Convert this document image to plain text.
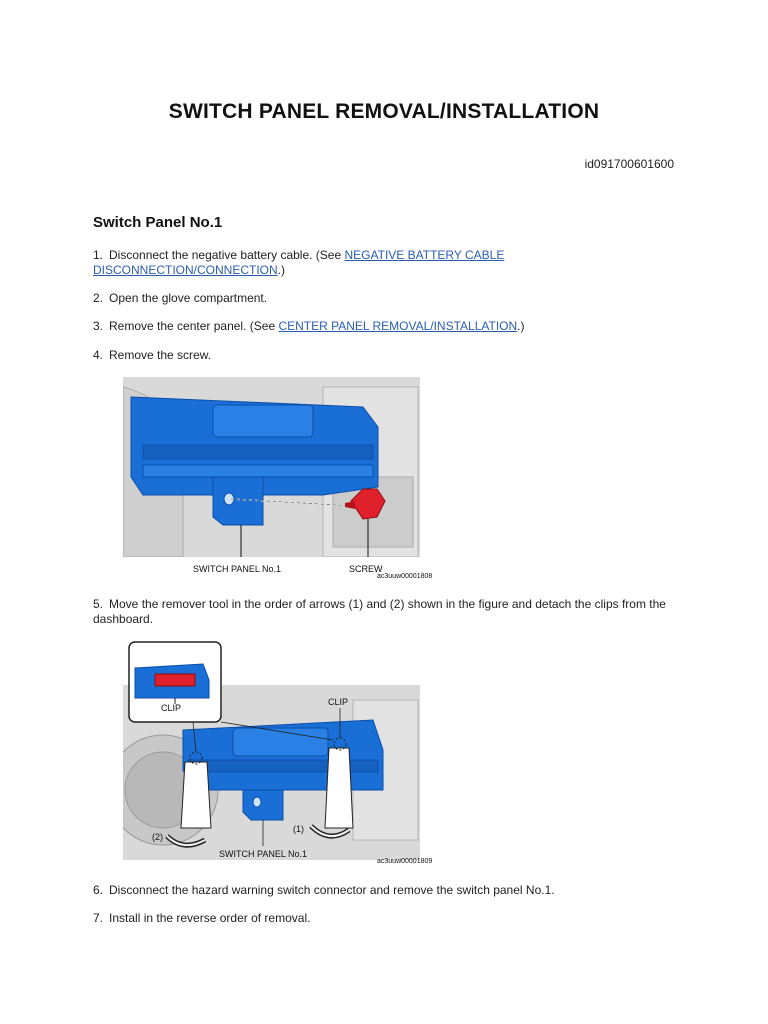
SWITCH PANEL REMOVAL/INSTALLATION
id091700601600
Switch Panel No.1
1. Disconnect the negative battery cable. (See NEGATIVE BATTERY CABLE DISCONNECTION/CONNECTION.)
2. Open the glove compartment.
3. Remove the center panel. (See CENTER PANEL REMOVAL/INSTALLATION.)
4. Remove the screw.
SWITCH PANEL No.1	SCREW
ac3uuw00001808
5. Move the remover tool in the order of arrows (1) and (2) shown in the figure and detach the clips from the dashboard.
CLIP
CLIP
(1)
(2)
SWITCH PANEL No.1
ac3uuw00001809
6. Disconnect the hazard warning switch connector and remove the switch panel No.1.
7. Install in the reverse order of removal.
